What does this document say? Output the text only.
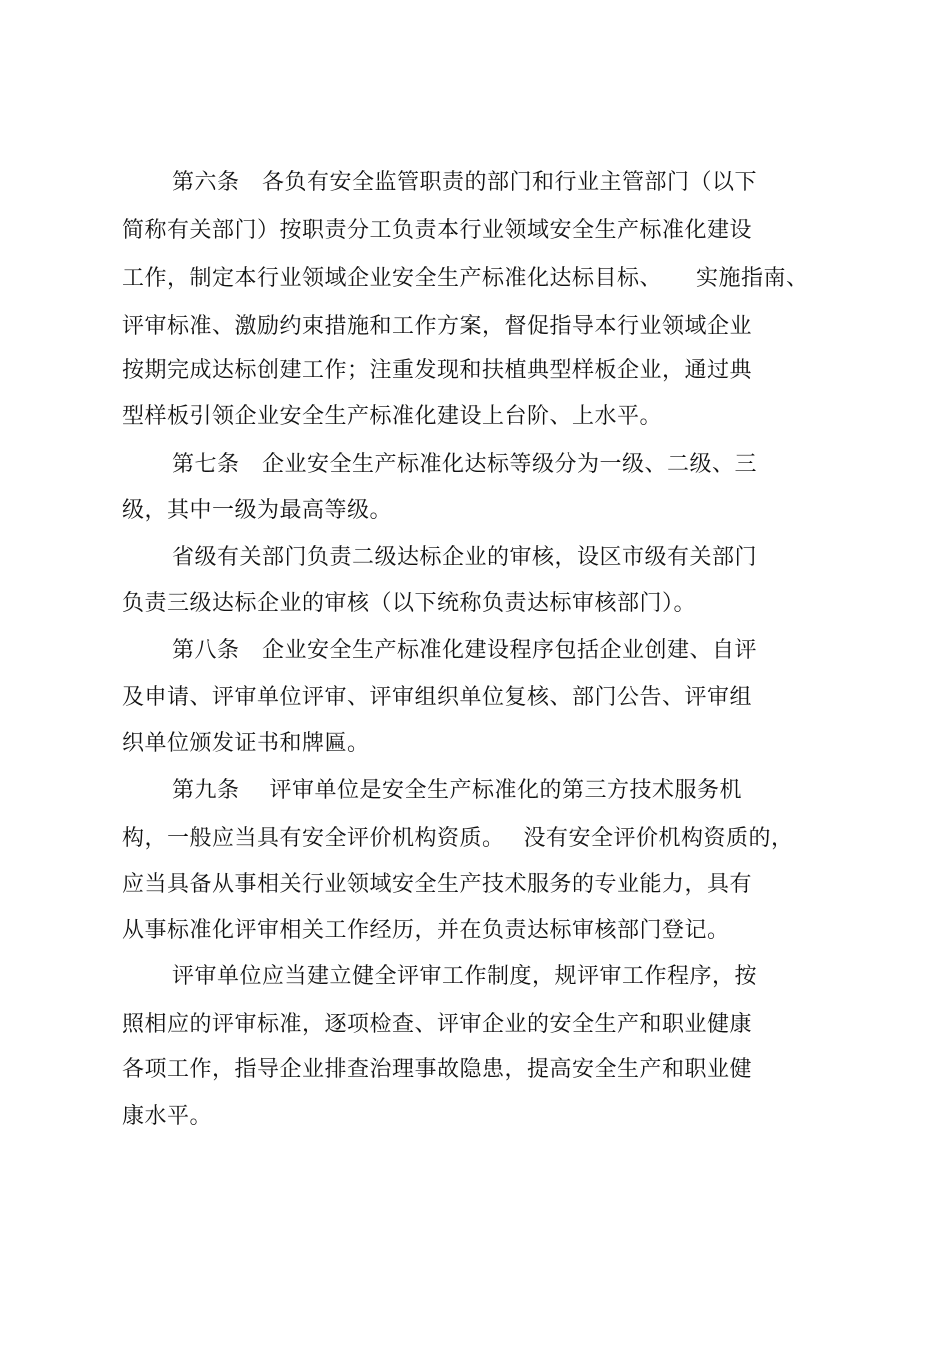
第六条　各负有安全监管职责的部门和行业主管部门（以下
简称有关部门）按职责分工负责本行业领域安全生产标准化建设
工作，制定本行业领域企业安全生产标准化达标目标、　　实施指南、
评审标准、激励约束措施和工作方案，督促指导本行业领域企业
按期完成达标创建工作；注重发现和扶植典型样板企业，通过典
型样板引领企业安全生产标准化建设上台阶、上水平。
第七条　企业安全生产标准化达标等级分为一级、二级、三
级，其中一级为最高等级。
省级有关部门负责二级达标企业的审核，设区市级有关部门
负责三级达标企业的审核（以下统称负责达标审核部门）。
第八条　企业安全生产标准化建设程序包括企业创建、自评
及申请、评审单位评审、评审组织单位复核、部门公告、评审组
织单位颁发证书和牌匾。
第九条　 评审单位是安全生产标准化的第三方技术服务机
构，一般应当具有安全评价机构资质。　 没有安全评价机构资质的，
应当具备从事相关行业领域安全生产技术服务的专业能力，具有
从事标准化评审相关工作经历，并在负责达标审核部门登记。
评审单位应当建立健全评审工作制度，规评审工作程序，按
照相应的评审标准，逐项检查、评审企业的安全生产和职业健康
各项工作，指导企业排查治理事故隐患，提高安全生产和职业健
康水平。
